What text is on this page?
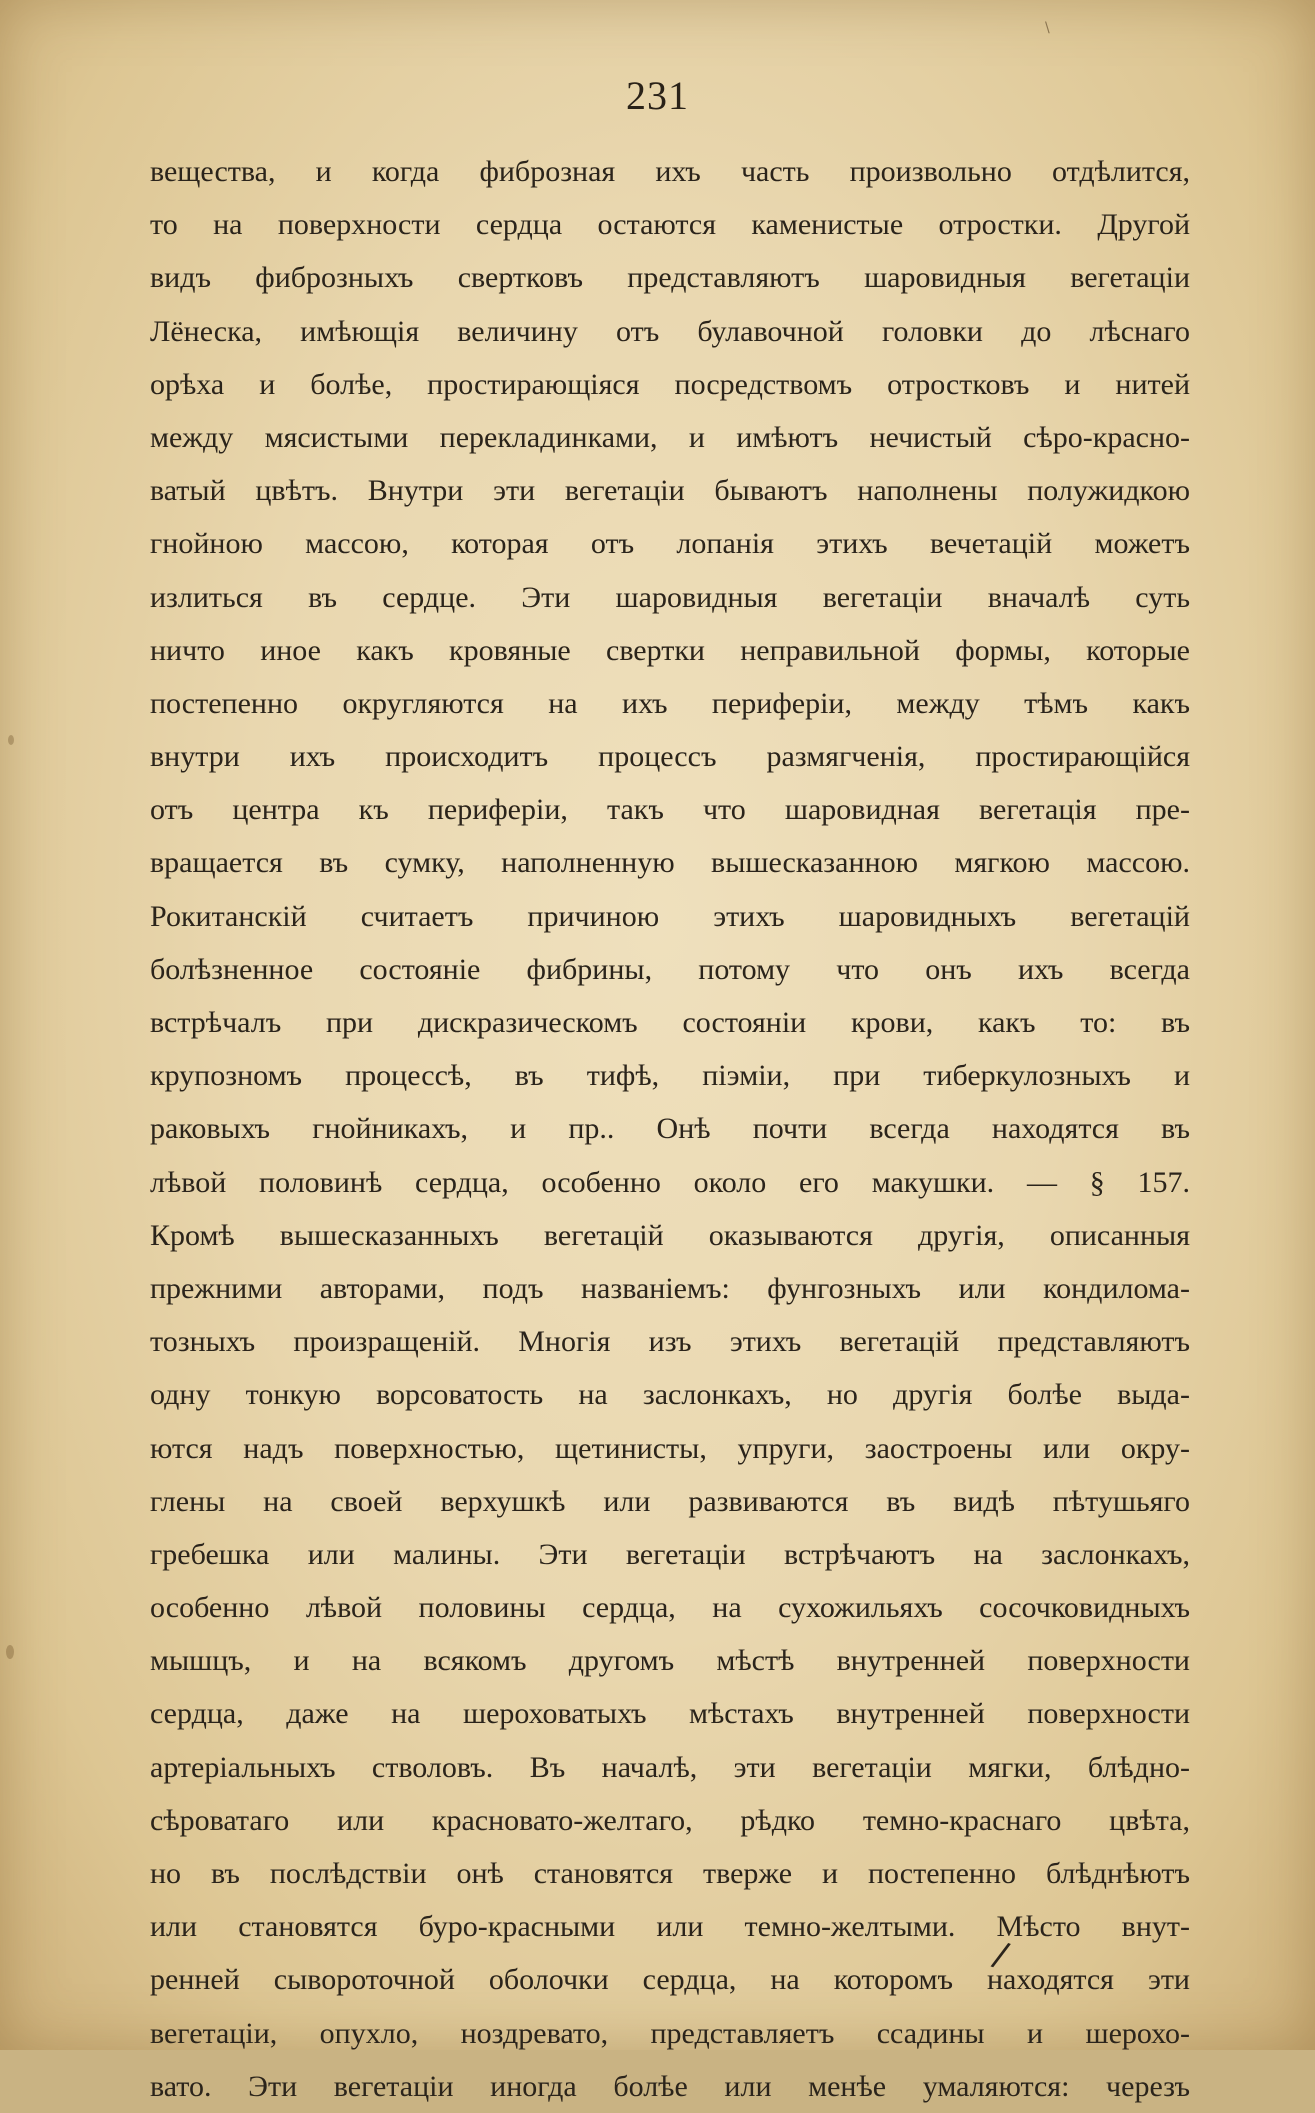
\
231
вещества, и когда фиброзная ихъ часть произвольно отдѣлится,
то на поверхности сердца остаются каменистые отростки. Другой
видъ фиброзныхъ свертковъ представляютъ шаровидныя вегетаціи
Лёнеска, имѣющія величину отъ булавочной головки до лѣснаго
орѣха и болѣе, простирающіяся посредствомъ отростковъ и нитей
между мясистыми перекладинками, и имѣютъ нечистый сѣро-красно-
ватый цвѣтъ. Внутри эти вегетаціи бываютъ наполнены полужидкою
гнойною массою, которая отъ лопанія этихъ вечетацій можетъ
излиться въ сердце. Эти шаровидныя вегетаціи вначалѣ суть
ничто иное какъ кровяные свертки неправильной формы, которые
постепенно округляются на ихъ периферіи, между тѣмъ какъ
внутри ихъ происходитъ процессъ размягченія, простирающійся
отъ центра къ периферіи, такъ что шаровидная вегетація пре-
вращается въ сумку, наполненную вышесказанною мягкою массою.
Рокитанскій считаетъ причиною этихъ шаровидныхъ вегетацій
болѣзненное состояніе фибрины, потому что онъ ихъ всегда
встрѣчалъ при дискразическомъ состояніи крови, какъ то: въ
крупозномъ процессѣ, въ тифѣ, піэміи, при тиберкулозныхъ и
раковыхъ гнойникахъ, и пр.. Онѣ почти всегда находятся въ
лѣвой половинѣ сердца, особенно около его макушки. — § 157.
Кромѣ вышесказанныхъ вегетацій оказываются другія, описанныя
прежними авторами, подъ названіемъ: фунгозныхъ или кондилома-
тозныхъ произращеній. Многія изъ этихъ вегетацій представляютъ
одну тонкую ворсоватость на заслонкахъ, но другія болѣе выда-
ются надъ поверхностью, щетинисты, упруги, заостроены или окру-
глены на своей верхушкѣ или развиваются въ видѣ пѣтушьяго
гребешка или малины. Эти вегетаціи встрѣчаютъ на заслонкахъ,
особенно лѣвой половины сердца, на сухожильяхъ сосочковидныхъ
мышцъ, и на всякомъ другомъ мѣстѣ внутренней поверхности
сердца, даже на шероховатыхъ мѣстахъ внутренней поверхности
артеріальныхъ стволовъ. Въ началѣ, эти вегетаціи мягки, блѣдно-
сѣроватаго или красновато-желтаго, рѣдко темно-краснаго цвѣта,
но въ послѣдствіи онѣ становятся тверже и постепенно блѣднѣютъ
или становятся буро-красными или темно-желтыми. Мѣсто внут-
ренней сывороточной оболочки сердца, на которомъ находятся эти
вегетаціи, опухло, ноздревато, представляетъ ссадины и шерохо-
вато. Эти вегетаціи иногда болѣе или менѣе умаляются: черезъ
/
